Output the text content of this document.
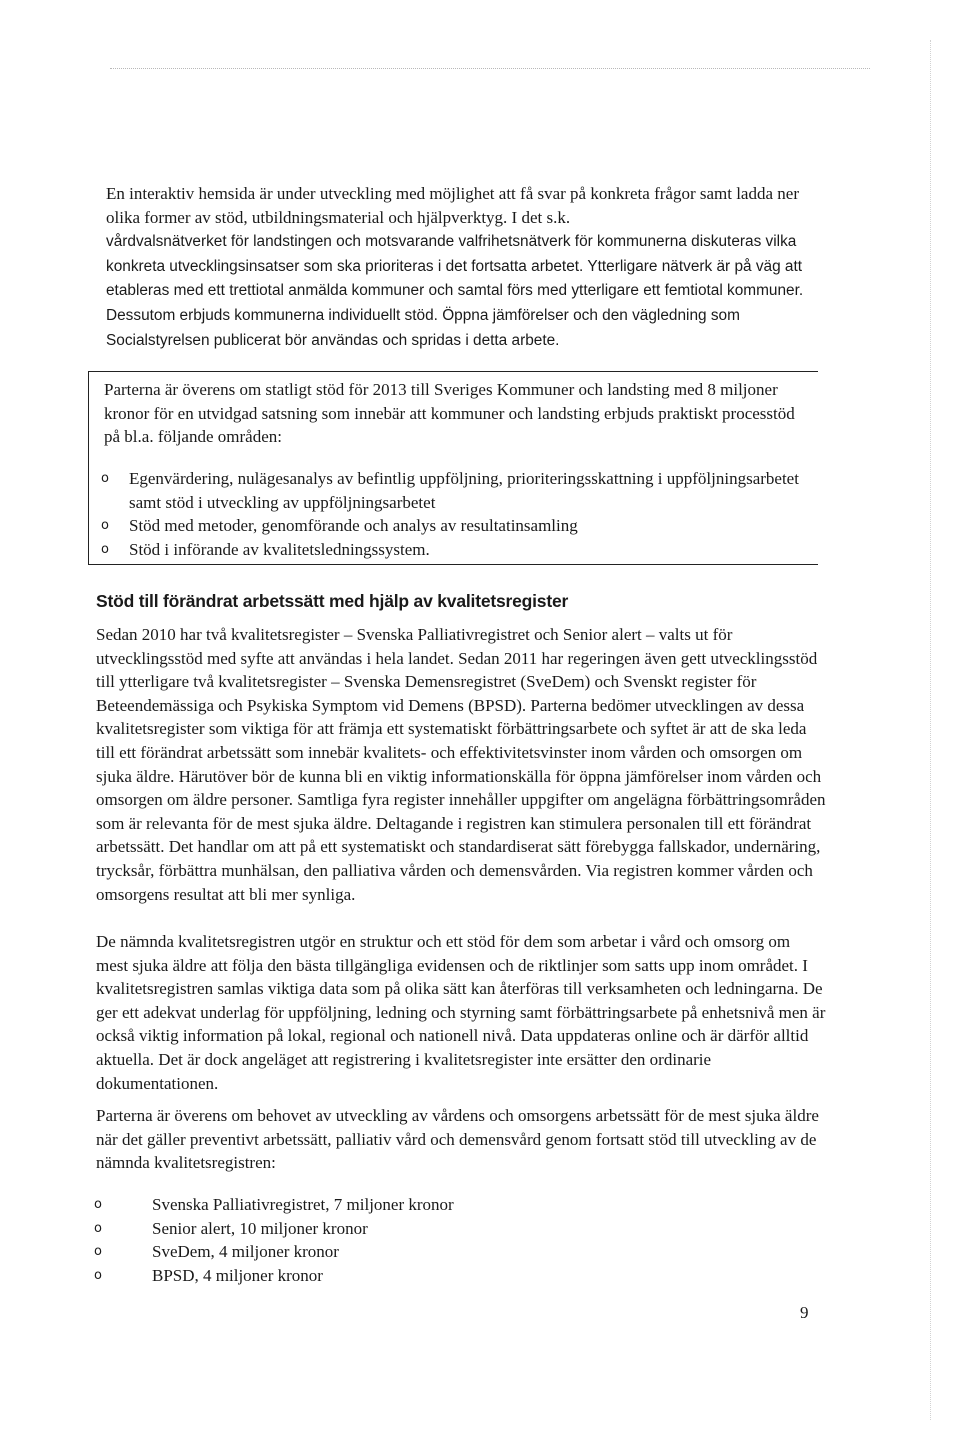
En interaktiv hemsida är under utveckling med möjlighet att få svar på konkreta frågor samt ladda ner olika former av stöd, utbildningsmaterial och hjälpverktyg. I det s.k.
vårdvalsnätverket för landstingen och motsvarande valfrihetsnätverk för kommunerna diskuteras vilka konkreta utvecklingsinsatser som ska prioriteras i det fortsatta arbetet. Ytterligare nätverk är på väg att etableras med ett trettiotal anmälda kommuner och samtal förs med ytterligare ett femtiotal kommuner. Dessutom erbjuds kommunerna individuellt stöd. Öppna jämförelser och den vägledning som Socialstyrelsen publicerat bör användas och spridas i detta arbete.

Parterna är överens om statligt stöd för 2013 till Sveriges Kommuner och landsting med 8 miljoner kronor för en utvidgad satsning som innebär att kommuner och landsting erbjuds praktiskt processtöd på bl.a. följande områden:

o Egenvärdering, nulägesanalys av befintlig uppföljning, prioriteringsskattning i uppföljningsarbetet samt stöd i utveckling av uppföljningsarbetet
o Stöd med metoder, genomförande och analys av resultatinsamling
o Stöd i införande av kvalitetsledningssystem.
Stöd till förändrat arbetssätt med hjälp av kvalitetsregister

Sedan 2010 har två kvalitetsregister – Svenska Palliativregistret och Senior alert – valts ut för utvecklingsstöd med syfte att användas i hela landet. Sedan 2011 har regeringen även gett utvecklingsstöd till ytterligare två kvalitetsregister – Svenska Demensregistret (SveDem) och Svenskt register för Beteendemässiga och Psykiska Symptom vid Demens (BPSD). Parterna bedömer utvecklingen av dessa kvalitetsregister som viktiga för att främja ett systematiskt förbättringsarbete och syftet är att de ska leda till ett förändrat arbetssätt som innebär kvalitets- och effektivitetsvinster inom vården och omsorgen om sjuka äldre. Härutöver bör de kunna bli en viktig informationskälla för öppna jämförelser inom vården och omsorgen om äldre personer. Samtliga fyra register innehåller uppgifter om angelägna förbättringsområden som är relevanta för de mest sjuka äldre. Deltagande i registren kan stimulera personalen till ett förändrat arbetssätt. Det handlar om att på ett systematiskt och standardiserat sätt förebygga fallskador, undernäring, trycksår, förbättra munhälsan, den palliativa vården och demensvården. Via registren kommer vården och omsorgens resultat att bli mer synliga.

De nämnda kvalitetsregistren utgör en struktur och ett stöd för dem som arbetar i vård och omsorg om mest sjuka äldre att följa den bästa tillgängliga evidensen och de riktlinjer som satts upp inom området. I kvalitetsregistren samlas viktiga data som på olika sätt kan återföras till verksamheten och ledningarna. De ger ett adekvat underlag för uppföljning, ledning och styrning samt förbättringsarbete på enhetsnivå men är också viktig information på lokal, regional och nationell nivå. Data uppdateras online och är därför alltid aktuella. Det är dock angeläget att registrering i kvalitetsregister inte ersätter den ordinarie dokumentationen.

Parterna är överens om behovet av utveckling av vårdens och omsorgens arbetssätt för de mest sjuka äldre när det gäller preventivt arbetssätt, palliativ vård och demensvård genom fortsatt stöd till utveckling av de nämnda kvalitetsregistren:

o	Svenska Palliativregistret, 7 miljoner kronor
o	Senior alert, 10 miljoner kronor
o	SveDem, 4 miljoner kronor
o	BPSD, 4 miljoner kronor
9
